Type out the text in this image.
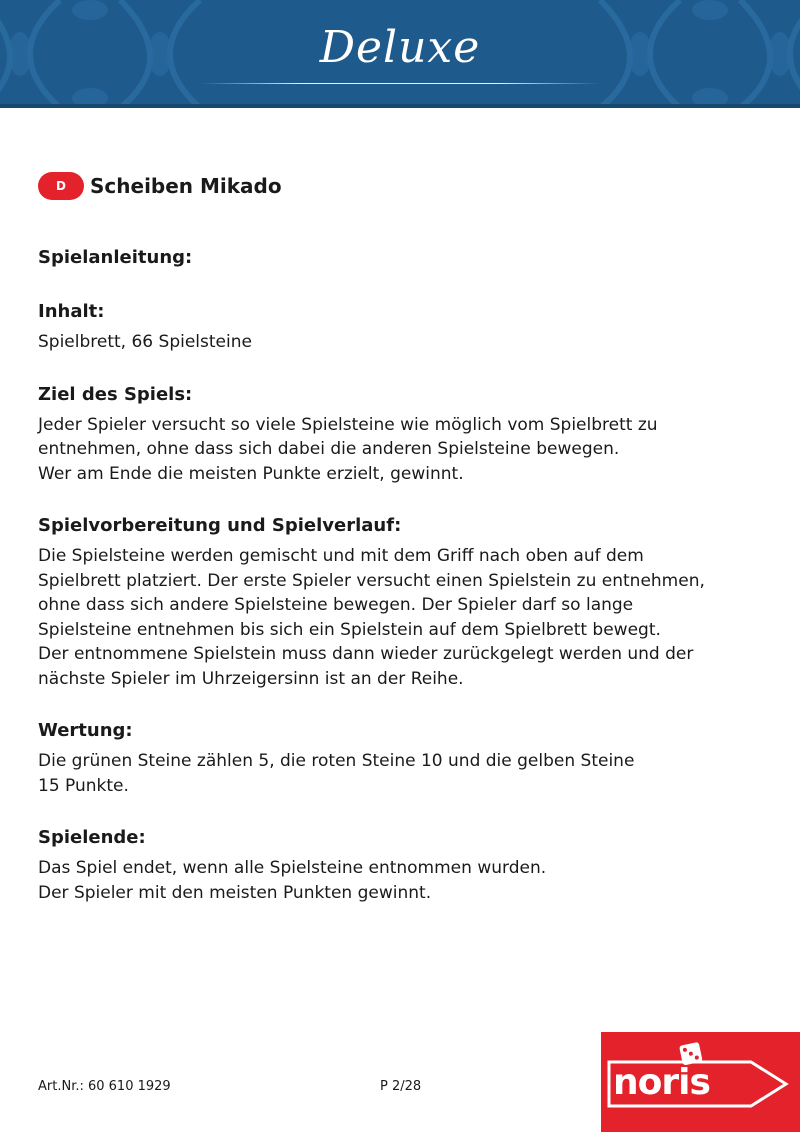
Deluxe
D	Scheiben Mikado
Spielanleitung:
Inhalt:

Spielbrett, 66 Spielsteine

Ziel des Spiels:

Jeder Spieler versucht so viele Spielsteine wie möglich vom Spielbrett zu
entnehmen, ohne dass sich dabei die anderen Spielsteine bewegen.
Wer am Ende die meisten Punkte erzielt, gewinnt.

Spielvorbereitung und Spielverlauf:

Die Spielsteine werden gemischt und mit dem Griff nach oben auf dem
Spielbrett platziert. Der erste Spieler versucht einen Spielstein zu entnehmen,
ohne dass sich andere Spielsteine bewegen. Der Spieler darf so lange
Spielsteine entnehmen bis sich ein Spielstein auf dem Spielbrett bewegt.
Der entnommene Spielstein muss dann wieder zurückgelegt werden und der
nächste Spieler im Uhrzeigersinn ist an der Reihe.

Wertung:

Die grünen Steine zählen 5, die roten Steine 10 und die gelben Steine
15 Punkte.

Spielende:

Das Spiel endet, wenn alle Spielsteine entnommen wurden.
Der Spieler mit den meisten Punkten gewinnt.

Art.Nr.: 60 610 1929	P 2/28	noris
